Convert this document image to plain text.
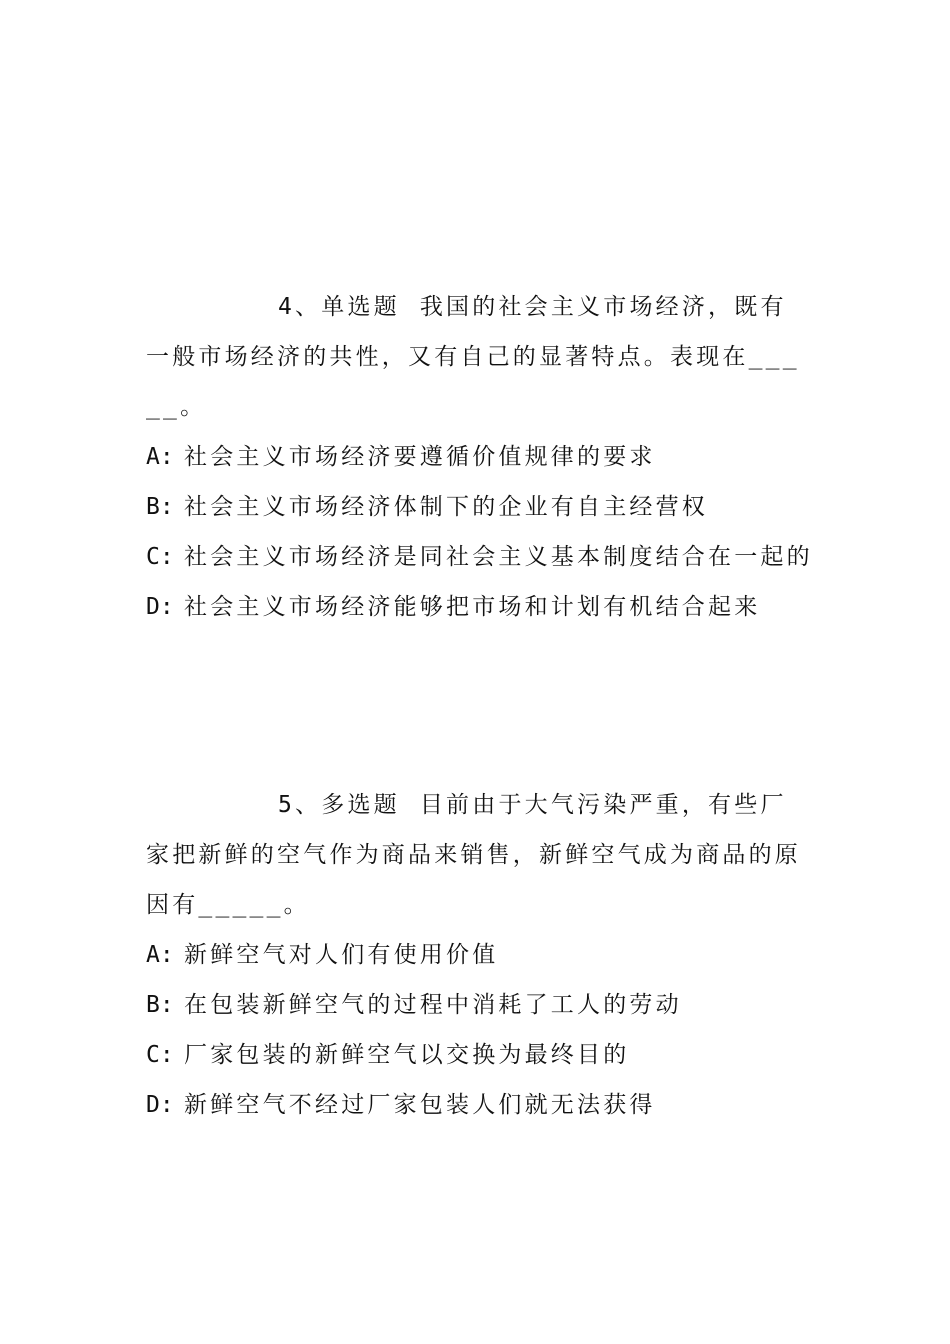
4、单选题 我国的社会主义市场经济，既有一般市场经济的共性，又有自己的显著特点。表现在_____。

A: 社会主义市场经济要遵循价值规律的要求

B: 社会主义市场经济体制下的企业有自主经营权

C: 社会主义市场经济是同社会主义基本制度结合在一起的

D: 社会主义市场经济能够把市场和计划有机结合起来

5、多选题 目前由于大气污染严重，有些厂家把新鲜的空气作为商品来销售，新鲜空气成为商品的原因有_____。

A: 新鲜空气对人们有使用价值

B: 在包装新鲜空气的过程中消耗了工人的劳动

C: 厂家包装的新鲜空气以交换为最终目的

D: 新鲜空气不经过厂家包装人们就无法获得
